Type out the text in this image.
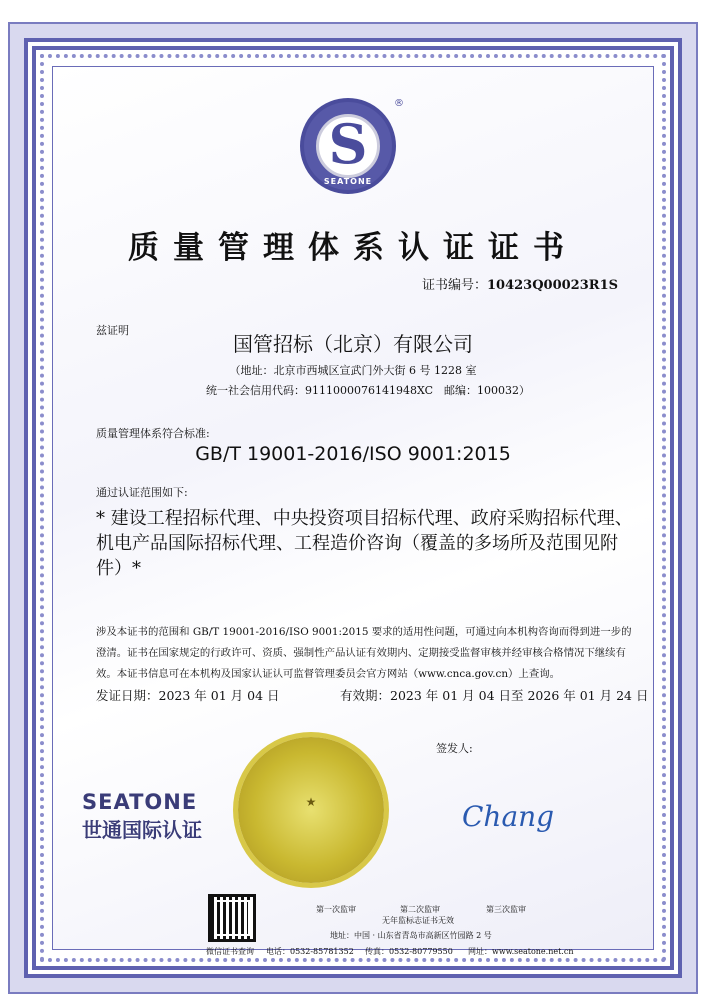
S
SEATONE
®
质量管理体系认证证书
证书编号：10423Q00023R1S
兹证明
国管招标（北京）有限公司
（地址：北京市西城区宣武门外大街 6 号 1228 室
统一社会信用代码：9111000076141948XC　邮编：100032）
质量管理体系符合标准:
GB/T 19001-2016/ISO 9001:2015
通过认证范围如下:
* 建设工程招标代理、中央投资项目招标代理、政府采购招标代理、机电产品国际招标代理、工程造价咨询（覆盖的多场所及范围见附件）*
涉及本证书的范围和 GB/T 19001-2016/ISO 9001:2015 要求的适用性问题，可通过向本机构咨询而得到进一步的澄清。证书在国家规定的行政许可、资质、强制性产品认证有效期内、定期接受监督审核并经审核合格情况下继续有效。本证书信息可在本机构及国家认证认可监督管理委员会官方网站（www.cnca.gov.cn）上查询。
发证日期：2023 年 01 月 04 日	有效期：2023 年 01 月 04 日至 2026 年 01 月 24 日
签发人:
★
SEATONE
世通国际认证	Chang
微信证书查询
第一次监审	第二次监审	第三次监审
无年监标志证书无效
地址：中国 · 山东省青岛市高新区竹园路 2 号
电话：0532-85781352 传真：0532-80779550 网址：www.seatone.net.cn
